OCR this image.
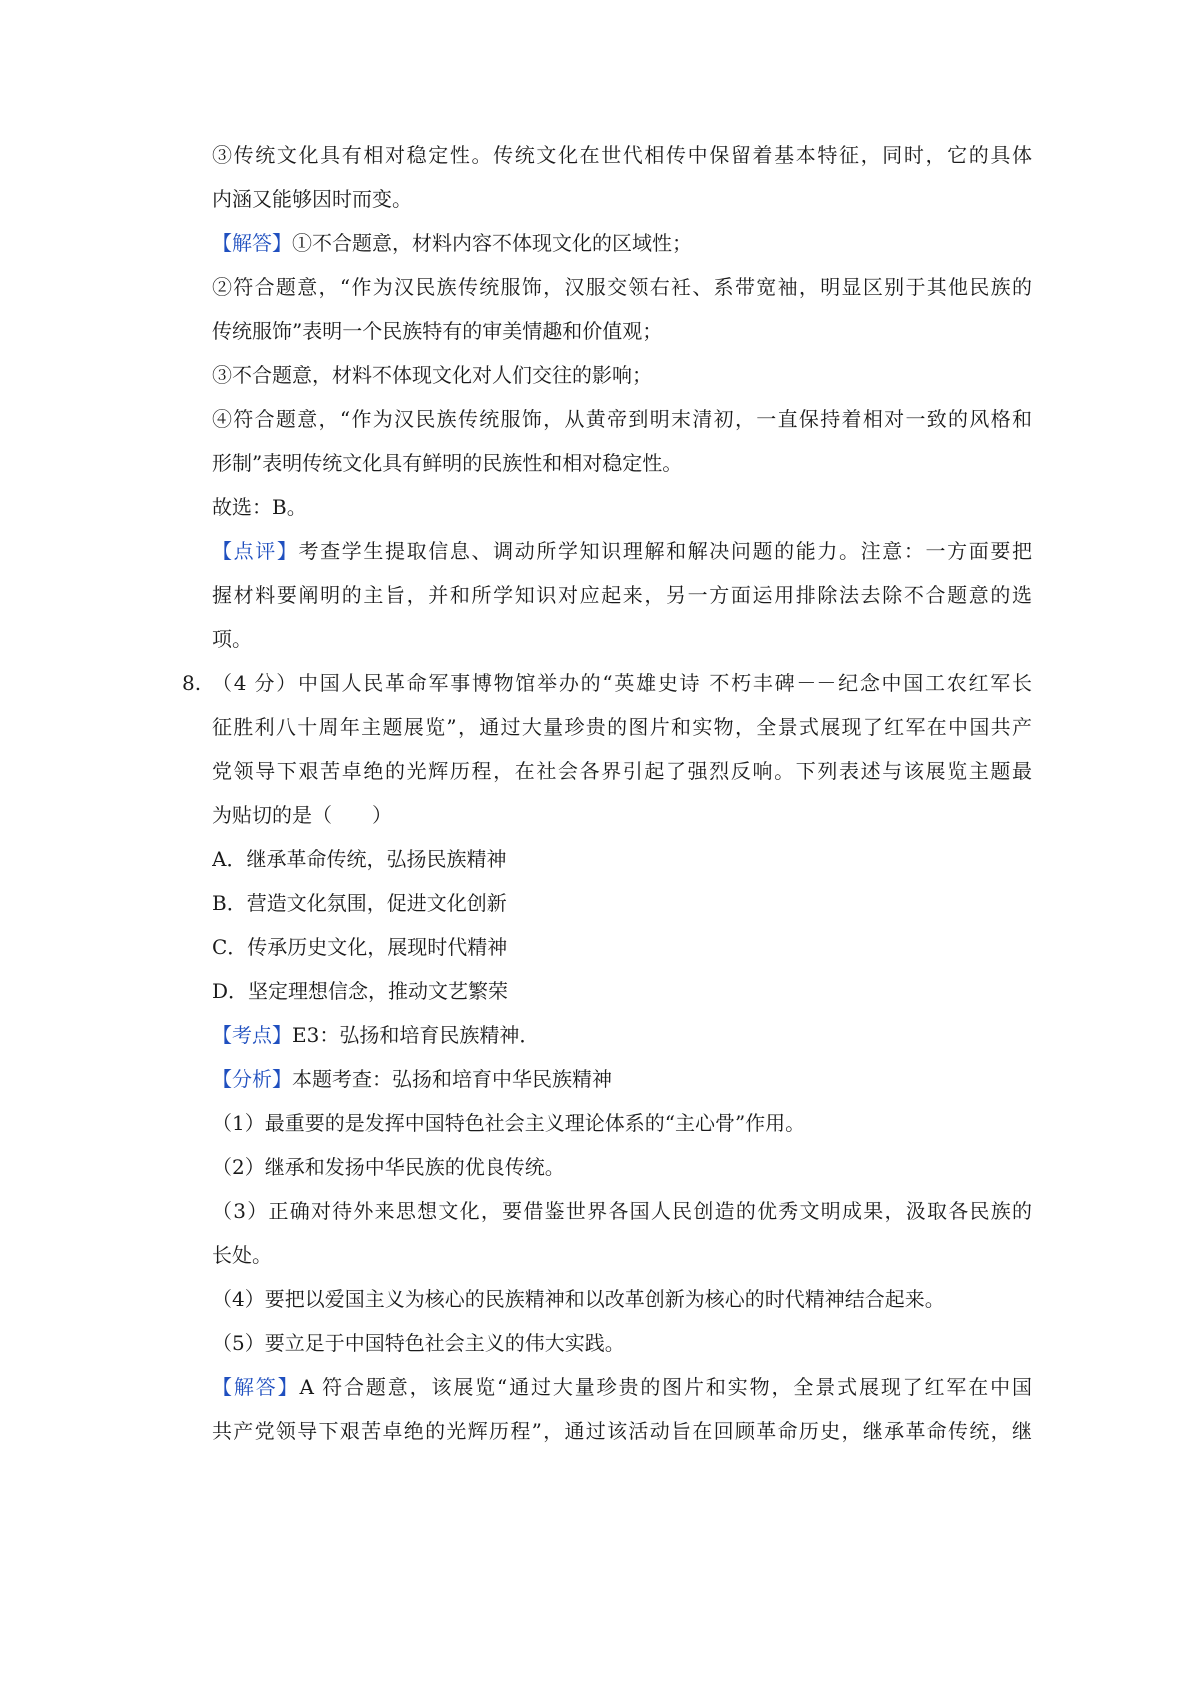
③传统文化具有相对稳定性。传统文化在世代相传中保留着基本特征，同时，它的具体
内涵又能够因时而变。
【解答】①不合题意，材料内容不体现文化的区域性；
②符合题意，“作为汉民族传统服饰，汉服交领右衽、系带宽袖，明显区别于其他民族的
传统服饰”表明一个民族特有的审美情趣和价值观；
③不合题意，材料不体现文化对人们交往的影响；
④符合题意，“作为汉民族传统服饰，从黄帝到明末清初，一直保持着相对一致的风格和
形制”表明传统文化具有鲜明的民族性和相对稳定性。
故选：B。
【点评】考查学生提取信息、调动所学知识理解和解决问题的能力。注意：一方面要把
握材料要阐明的主旨，并和所学知识对应起来，另一方面运用排除法去除不合题意的选
项。
8. （4 分）中国人民革命军事博物馆举办的“英雄史诗 不朽丰碑－－纪念中国工农红军长
征胜利八十周年主题展览”，通过大量珍贵的图片和实物，全景式展现了红军在中国共产
党领导下艰苦卓绝的光辉历程，在社会各界引起了强烈反响。下列表述与该展览主题最
为贴切的是（　　）
A．继承革命传统，弘扬民族精神
B．营造文化氛围，促进文化创新
C．传承历史文化，展现时代精神
D．坚定理想信念，推动文艺繁荣
【考点】E3：弘扬和培育民族精神．
【分析】本题考查：弘扬和培育中华民族精神
（1）最重要的是发挥中国特色社会主义理论体系的“主心骨”作用。
（2）继承和发扬中华民族的优良传统。
（3）正确对待外来思想文化，要借鉴世界各国人民创造的优秀文明成果，汲取各民族的
长处。
（4）要把以爱国主义为核心的民族精神和以改革创新为核心的时代精神结合起来。
（5）要立足于中国特色社会主义的伟大实践。
【解答】A 符合题意，该展览“通过大量珍贵的图片和实物，全景式展现了红军在中国
共产党领导下艰苦卓绝的光辉历程”，通过该活动旨在回顾革命历史，继承革命传统，继
